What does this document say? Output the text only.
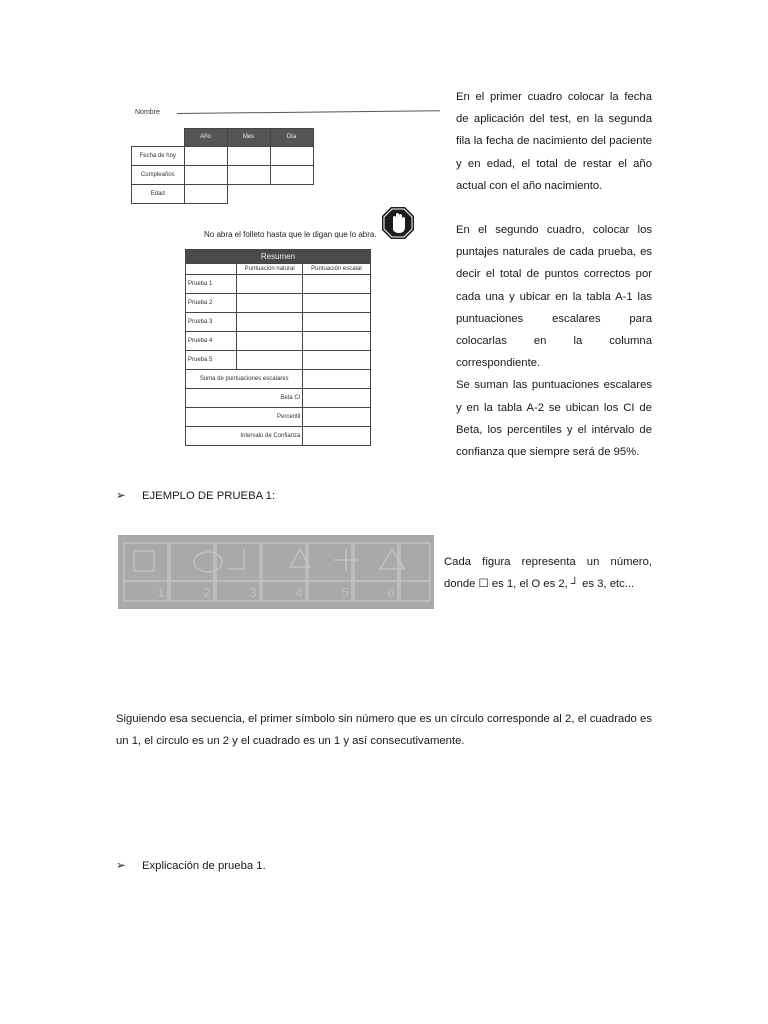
Nombre
	Año	Mes	Día
Fecha de hoy			
Cumpleaños			
Edad			
No abra el folleto hasta que le digan que lo abra.
Resumen		
	Puntuación natural	Puntuación escalar
Prueba 1		
Prueba 2		
Prueba 3		
Prueba 4		
Prueba 5		
Suma de puntuaciones escalares		
Beta CI		
Percentil		
Intervalo de Confianza		

En el primer cuadro colocar la fecha de aplicación del test, en la segunda fila la fecha de nacimiento del paciente y en edad, el total de restar el año actual con el año nacimiento.

En el segundo cuadro, colocar los puntajes naturales de cada prueba, es decir el total de puntos correctos por cada una y ubicar en la tabla A-1 las puntuaciones escalares para colocarlas en la columna correspondiente.

Se suman las puntuaciones escalares y en la tabla A-2 se ubican los CI de Beta, los percentiles y el intérvalo de confianza que siempre será de 95%.

➢ EJEMPLO DE PRUEBA 1:
1	2	3	4	5	6
Cada figura representa un número, donde ☐ es 1, el O es 2, ┘ es 3, etc...
Siguiendo esa secuencia, el primer símbolo sin número que es un círculo corresponde al 2, el cuadrado es un 1, el circulo es un 2 y el cuadrado es un 1 y así consecutivamente.
➢ Explicación de prueba 1.
